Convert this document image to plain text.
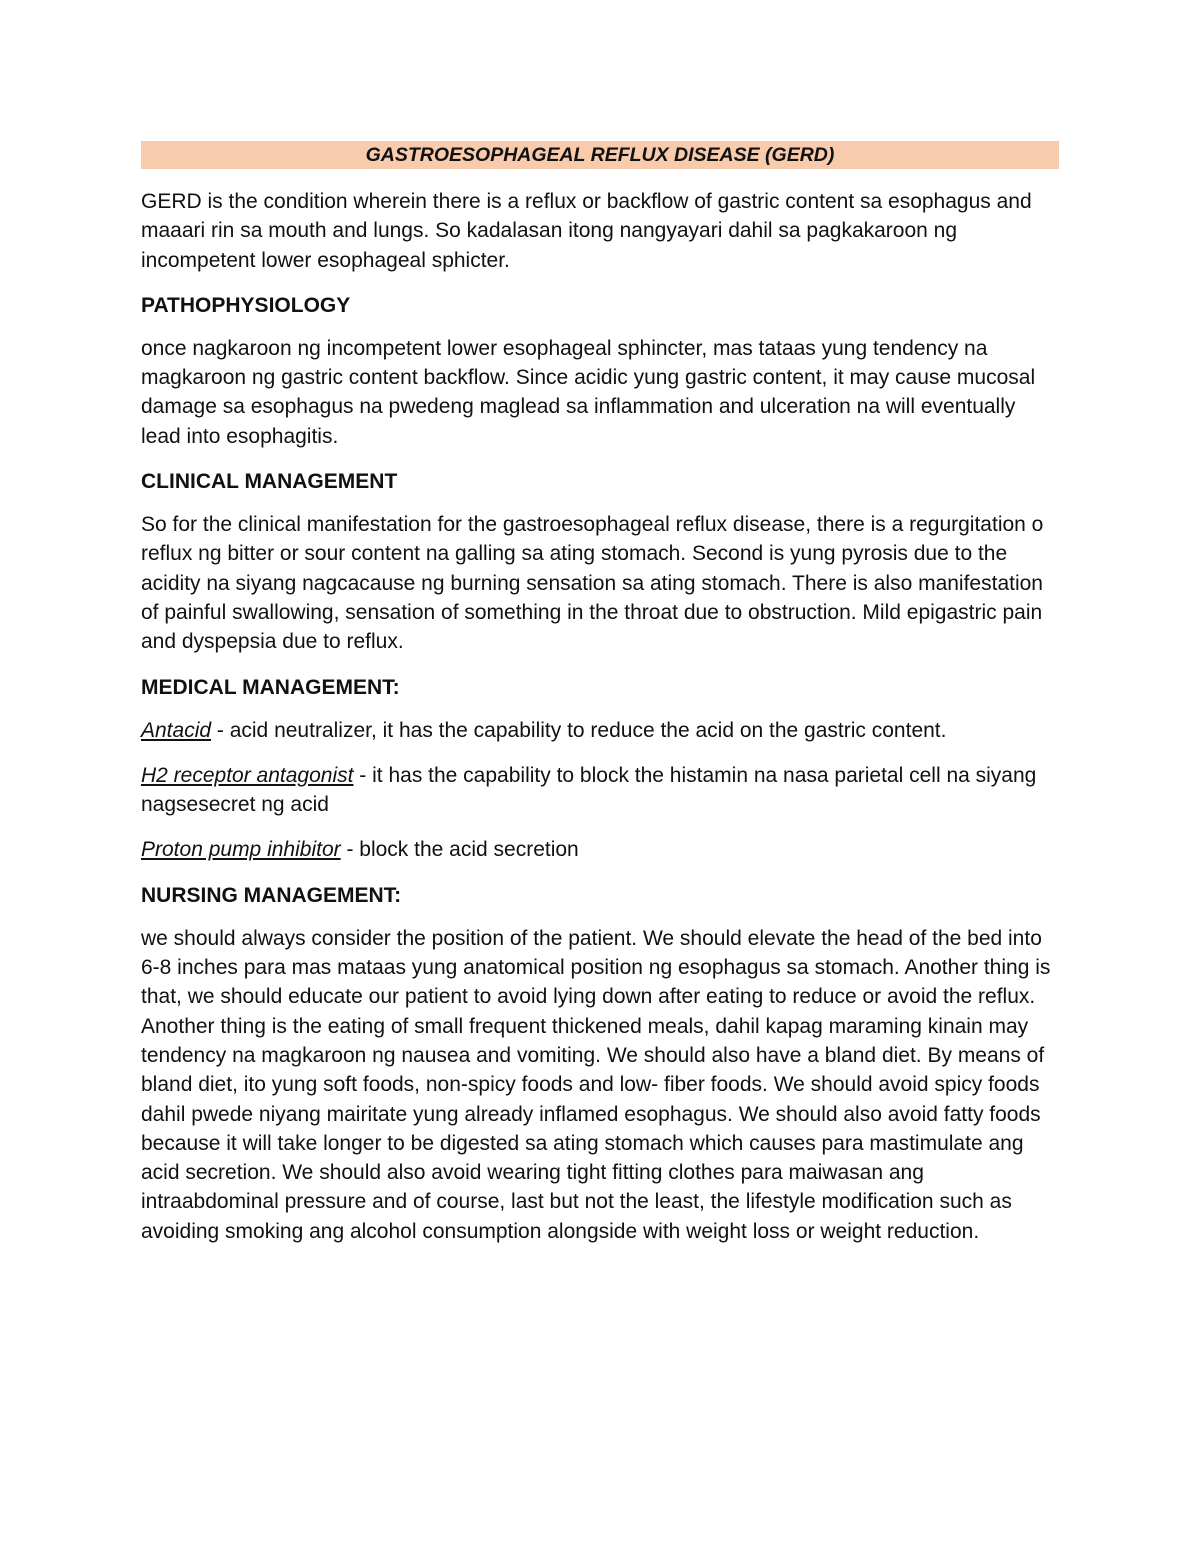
GASTROESOPHAGEAL REFLUX DISEASE (GERD)

GERD is the condition wherein there is a reflux or backflow of gastric content sa esophagus and maaari rin sa mouth and lungs. So kadalasan itong nangyayari dahil sa pagkakaroon ng incompetent lower esophageal sphicter.

PATHOPHYSIOLOGY

once nagkaroon ng incompetent lower esophageal sphincter, mas tataas yung tendency na magkaroon ng gastric content backflow. Since acidic yung gastric content, it may cause mucosal damage sa esophagus na pwedeng maglead sa inflammation and ulceration na will eventually lead into esophagitis.

CLINICAL MANAGEMENT

So for the clinical manifestation for the gastroesophageal reflux disease, there is a regurgitation o reflux ng bitter or sour content na galling sa ating stomach. Second is yung pyrosis due to the acidity na siyang nagcacause ng burning sensation sa ating stomach. There is also manifestation of painful swallowing, sensation of something in the throat due to obstruction. Mild epigastric pain and dyspepsia due to reflux.

MEDICAL MANAGEMENT:

Antacid - acid neutralizer, it has the capability to reduce the acid on the gastric content.

H2 receptor antagonist - it has the capability to block the histamin na nasa parietal cell na siyang nagsesecret ng acid

Proton pump inhibitor - block the acid secretion

NURSING MANAGEMENT:

we should always consider the position of the patient. We should elevate the head of the bed into 6-8 inches para mas mataas yung anatomical position ng esophagus sa stomach. Another thing is that, we should educate our patient to avoid lying down after eating to reduce or avoid the reflux. Another thing is the eating of small frequent thickened meals, dahil kapag maraming kinain may tendency na magkaroon ng nausea and vomiting. We should also have a bland diet. By means of bland diet, ito yung soft foods, non-spicy foods and low- fiber foods. We should avoid spicy foods dahil pwede niyang mairitate yung already inflamed esophagus. We should also avoid fatty foods because it will take longer to be digested sa ating stomach which causes para mastimulate ang acid secretion. We should also avoid wearing tight fitting clothes para maiwasan ang intraabdominal pressure and of course, last but not the least, the lifestyle modification such as avoiding smoking ang alcohol consumption alongside with weight loss or weight reduction.
